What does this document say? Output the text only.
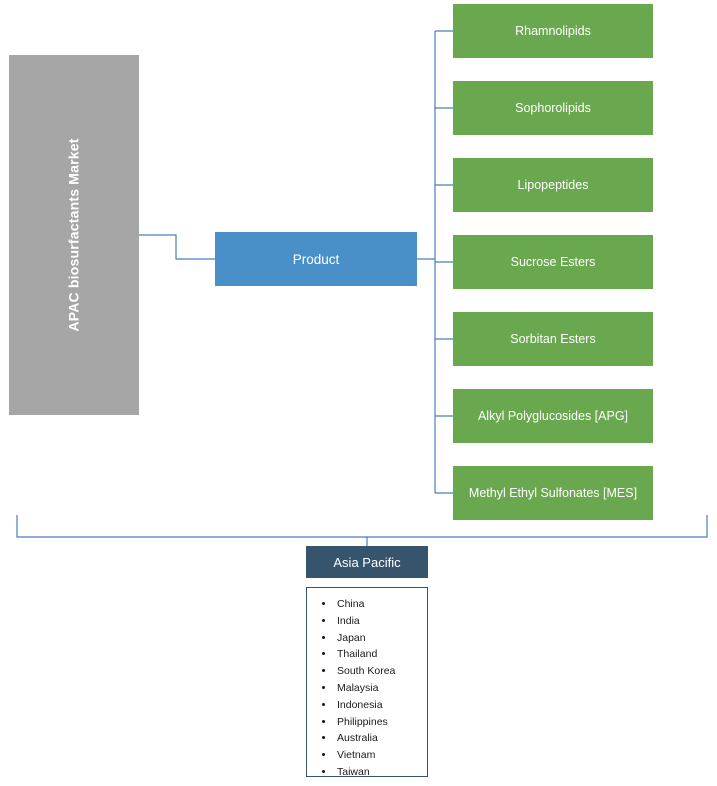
APAC biosurfactants Market	Product
Rhamnolipids
Sophorolipids
Lipopeptides
Sucrose Esters
Sorbitan Esters
Alkyl Polyglucosides [APG]
Methyl Ethyl Sulfonates [MES]
Asia Pacific
• China
• India
• Japan
• Thailand
• South Korea
• Malaysia
• Indonesia
• Philippines
• Australia
• Vietnam
• Taiwan
